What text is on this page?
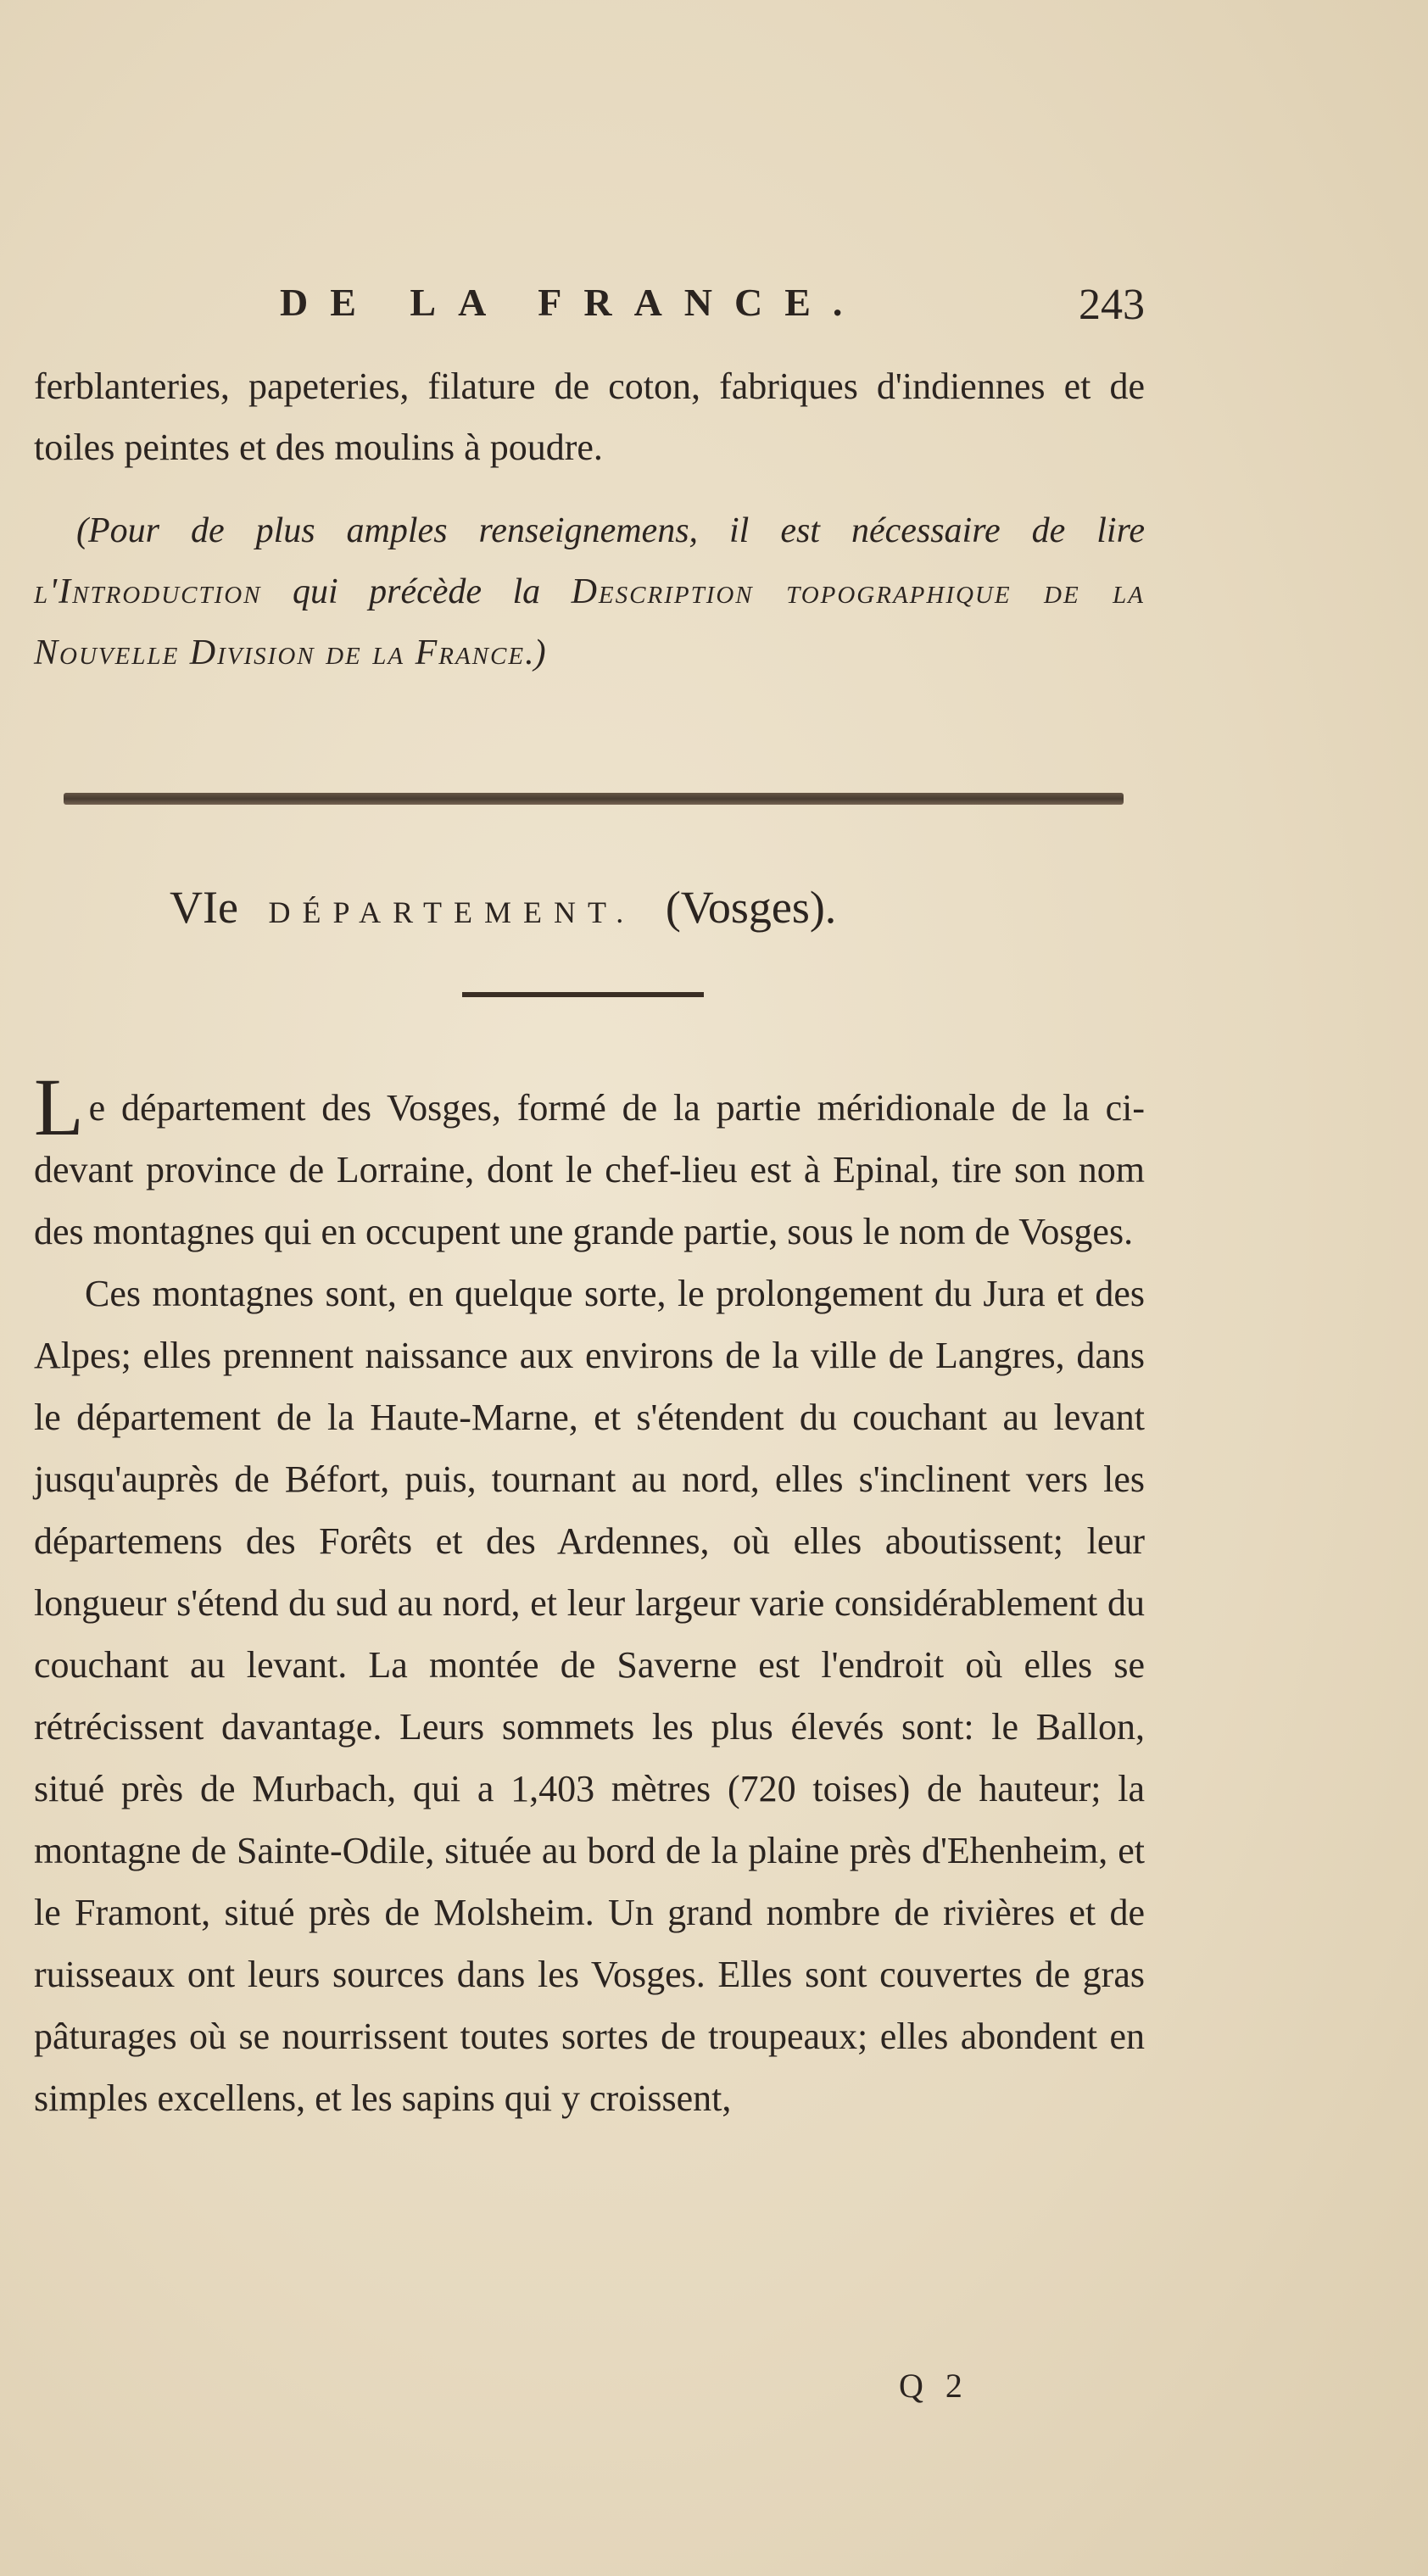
DE LA FRANCE.	243
ferblanteries, papeteries, filature de coton, fabriques d'indiennes et de toiles peintes et des moulins à poudre.
(Pour de plus amples renseignemens, il est nécessaire de lire l'Introduction qui précède la Description topographique de la Nouvelle Division de la France.)
VIe DÉPARTEMENT. (Vosges).

Le département des Vosges, formé de la partie méridionale de la ci-devant province de Lorraine, dont le chef-lieu est à Epinal, tire son nom des montagnes qui en occupent une grande partie, sous le nom de Vosges.

Ces montagnes sont, en quelque sorte, le prolongement du Jura et des Alpes; elles prennent naissance aux environs de la ville de Langres, dans le département de la Haute-Marne, et s'étendent du couchant au levant jusqu'auprès de Béfort, puis, tournant au nord, elles s'inclinent vers les départemens des Forêts et des Ardennes, où elles aboutissent; leur longueur s'étend du sud au nord, et leur largeur varie considérablement du couchant au levant. La montée de Saverne est l'endroit où elles se rétrécissent davantage. Leurs sommets les plus élevés sont: le Ballon, situé près de Murbach, qui a 1,403 mètres (720 toises) de hauteur; la montagne de Sainte-Odile, située au bord de la plaine près d'Ehenheim, et le Framont, situé près de Molsheim. Un grand nombre de rivières et de ruisseaux ont leurs sources dans les Vosges. Elles sont couvertes de gras pâturages où se nourrissent toutes sortes de troupeaux; elles abondent en simples excellens, et les sapins qui y croissent,

Q 2
